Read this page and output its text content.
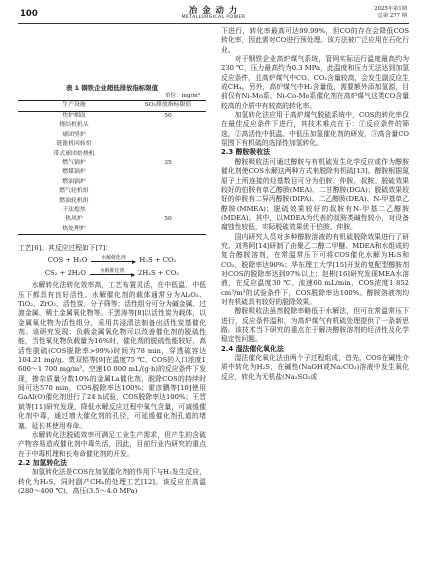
100	冶 金 动 力
METALLURGICAL POWER
2025年第1期
总第 277 期
表 1 钢铁企业超低排放指标限值
单位：mg/m³
生产设施	SO₂排放指标限值
焦炉烟囱	50
烧结机机头	35
球团竖炉	
链篦机回转窑	
带式球团焙烧机	
燃气锅炉	
燃煤锅炉	
燃油锅炉	
燃气轮机组	
燃油轮机组	
干法熄焦	50
热风炉	
热处理炉	

工艺[6]。其反应过程如下[7]：

COS + H₂O	水解催化剂 H₂S + CO₂
CS₂ + 2H₂O	水解催化剂 2H₂S + CO₂

水解转化法转化效率高，工艺布置灵活，在中低温、中低压下都具有良好活性。水解催化剂的载体通常分为Al₂O₃、TiO₂、ZrO₂、活性炭、分子筛等；活性组分可分为碱金属、过渡金属、稀土金属氧化物等。王雲涛等[8]以活性炭为载体，以金属氧化物为活性组分，采用共浸渍法制备出活性炭基催化剂。该研究发现：负载金属氧化物可以改善催化剂的脱硫性能，当性氧化物负载量为16%时，催化剂的脱硫性能较好，高活性脱硫(COS脱除率>99%)时间为78 min，穿透硫容达104.21 mg/g。贾双铭等[9]在温度75 ℃、COS的入口浓度1 600～1 700 mg/m³、空速10 000 mL/(g·h)的反应条件下发现，掺杂质量分数10%的金属La催化剂，脱除COS的持续时间可达570 min，COS脱除率达100%；霍彦鹏等[10]使用GaAl(O)催化剂进行了24 h试验，COS脱除率达100%；王晋斌等[11]研究发现，降低水解反应过程中氧气含量，可减缓催化剂中毒，通过增大催化剂的孔径，可延缓催化剂孔道的堵塞，延长其使用寿命。

水解转化法脱硫效率可满足工业生产需求，但产生的含硫产物容易造成催化剂中毒失活，因此，目前行业内研究的重点在于中毒机理和长寿命催化剂的开发。

2.2 加氢转化法

加氢转化法是COS在加氢催化剂的作用下与H₂发生反应，转化为H₂S，同时副产CH₄的处理工艺[12]。该反应在高温(280～400 ℃)、高压(3.5～4.0 MPa)

下进行，转化率最高可达99.99%，但CO的存在会降低COS转化率，因此需对CO进行预处理。该方法被广泛应用在石化行业。

对于钢铁企业高炉煤气系统，管网实际运行温度最高约为230 ℃，压力最高约为0.3 MPa，此温度和压力无法达到加氢反应条件，且高炉煤气中CO、CO₂含量较高，会发生副反应生成CH₄。另外，高炉煤气中H₂含量低，需要额外添加氢源，目前仅有Ni-Mo系、Ni-Co-Mo系催化剂在高炉煤气这类CO含量较高的介质中有较高的转化率。

加氢转化法应用于高炉煤气脱硫系统中，COS的转化率仅在最佳反应条件下进行，其技术难点在于：①反应条件的筛选，②高活性中低温、中低压加氢催化剂的研发，③高含量CO氛围下有机硫的选择性加氢转化。

2.3 醇胺吸收法

醇胺吸收法可通过醇胺与有机硫发生化学反应或作为醇胺催化剂使COS水解这两种方式来脱除有机硫[13]。醇胺根据氮原子上所连接的烃基数目可分为伯胺、仲胺、叔胺。脱硫效果较好的伯胺有单乙醇胺(MEA)、二甘醇胺(DGA)；脱硫效果较好的仲胺有二异丙醇胺(DIPA)、二乙醇胺(DEA)、N-甲基单乙醇胺(MMEA)；脱硫效果较好的叔胺有N-甲基二乙醇胺(MDEA)。其中，以MDEA为代表的叔胺类碱性较小，对设备腐蚀性较低，实际脱硫效果优于伯胺、仲胺。

国内研究人员对多种醇胺溶液的有机硫脱除效果进行了研究。刘秀阿[14]研制了由聚乙二醇二甲醚、MDEA和水组成的复合醇胺溶剂，在常温常压下可将COS催化水解为H₂S和CO₂，脱除率达90%；华东理工大学[15]开发的复配型醇胺剂对COS的脱除率达到97%以上；赵彬[16]研究发现MEA水溶液，在反应温度30 ℃、流速60 mL/min、COS浓度1 852 cm³/m³的试验条件下，COS脱除率达100%。醇胺溶液剂均对有机硫具有较好的脱除效果。

醇胺吸收法虽然脱除率略低于水解法，但可在常温常压下进行，反应条件温和，为高炉煤气有机硫处理提供了一条新思路。该技术当下研究的重点在于解决醇胺溶剂的经济性及化学稳定性问题。

2.4 湿法催化氧化法

湿法催化氧化法由两个子过程组成，首先，COS在碱性介质中转化为H₂S，在碱性(NaOH或Na₂CO₃)溶液中发生氧化反应，转化为无机盐(Na₂SO₃或
